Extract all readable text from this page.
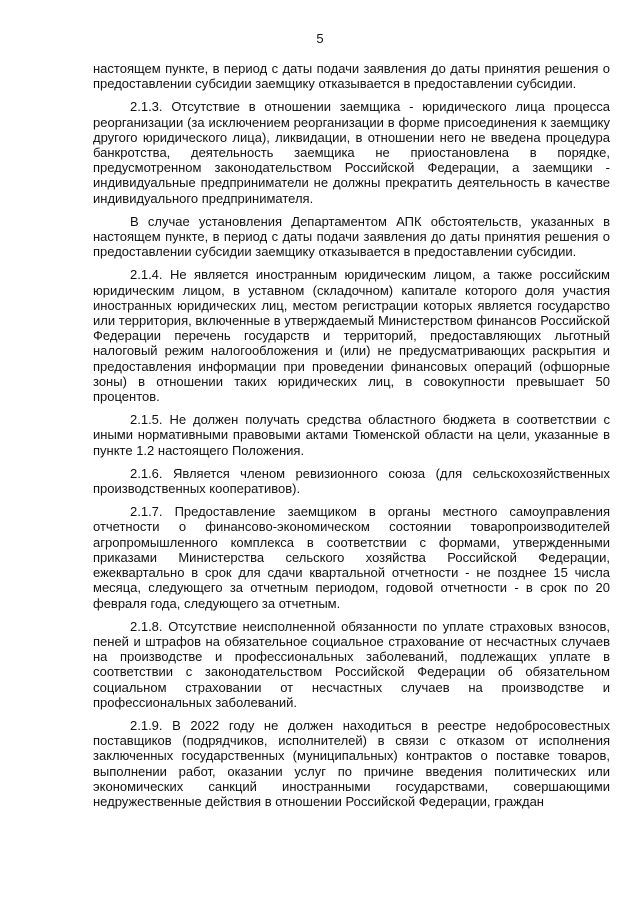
5

настоящем пункте, в период с даты подачи заявления до даты принятия решения о предоставлении субсидии заемщику отказывается в предоставлении субсидии.

2.1.3. Отсутствие в отношении заемщика - юридического лица процесса реорганизации (за исключением реорганизации в форме присоединения к заемщику другого юридического лица), ликвидации, в отношении него не введена процедура банкротства, деятельность заемщика не приостановлена в порядке, предусмотренном законодательством Российской Федерации, а заемщики - индивидуальные предприниматели не должны прекратить деятельность в качестве индивидуального предпринимателя.

В случае установления Департаментом АПК обстоятельств, указанных в настоящем пункте, в период с даты подачи заявления до даты принятия решения о предоставлении субсидии заемщику отказывается в предоставлении субсидии.

2.1.4. Не является иностранным юридическим лицом, а также российским юридическим лицом, в уставном (складочном) капитале которого доля участия иностранных юридических лиц, местом регистрации которых является государство или территория, включенные в утверждаемый Министерством финансов Российской Федерации перечень государств и территорий, предоставляющих льготный налоговый режим налогообложения и (или) не предусматривающих раскрытия и предоставления информации при проведении финансовых операций (офшорные зоны) в отношении таких юридических лиц, в совокупности превышает 50 процентов.

2.1.5. Не должен получать средства областного бюджета в соответствии с иными нормативными правовыми актами Тюменской области на цели, указанные в пункте 1.2 настоящего Положения.

2.1.6. Является членом ревизионного союза (для сельскохозяйственных производственных кооперативов).

2.1.7. Предоставление заемщиком в органы местного самоуправления отчетности о финансово-экономическом состоянии товаропроизводителей агропромышленного комплекса в соответствии с формами, утвержденными приказами Министерства сельского хозяйства Российской Федерации, ежеквартально в срок для сдачи квартальной отчетности - не позднее 15 числа месяца, следующего за отчетным периодом, годовой отчетности - в срок по 20 февраля года, следующего за отчетным.

2.1.8. Отсутствие неисполненной обязанности по уплате страховых взносов, пеней и штрафов на обязательное социальное страхование от несчастных случаев на производстве и профессиональных заболеваний, подлежащих уплате в соответствии с законодательством Российской Федерации об обязательном социальном страховании от несчастных случаев на производстве и профессиональных заболеваний.

2.1.9. В 2022 году не должен находиться в реестре недобросовестных поставщиков (подрядчиков, исполнителей) в связи с отказом от исполнения заключенных государственных (муниципальных) контрактов о поставке товаров, выполнении работ, оказании услуг по причине введения политических или экономических санкций иностранными государствами, совершающими недружественные действия в отношении Российской Федерации, граждан
